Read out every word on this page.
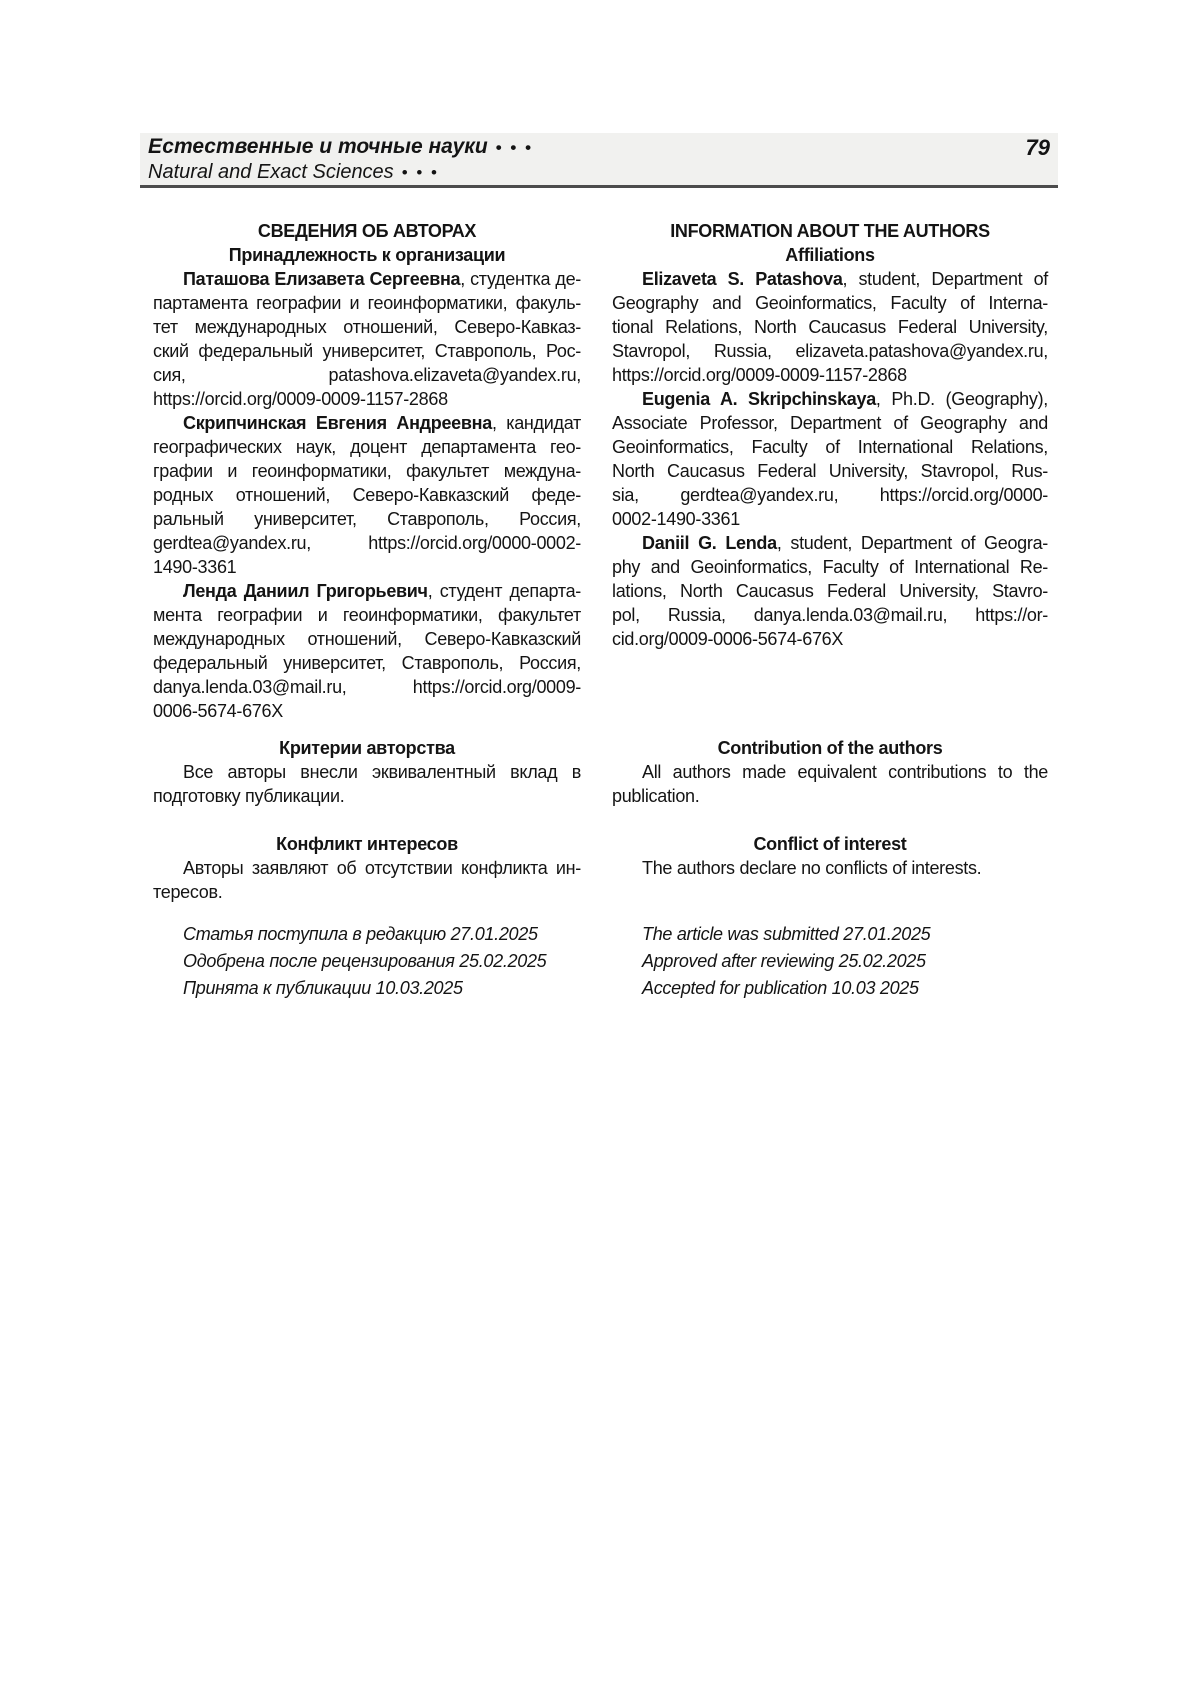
Естественные и точные науки • • •
Natural and Exact Sciences • • •
79
СВЕДЕНИЯ ОБ АВТОРАХ
Принадлежность к организации
Паташова Елизавета Сергеевна, студентка де-
партамента географии и геоинформатики, факуль-
тет международных отношений, Северо-Кавказ-
ский федеральный университет, Ставрополь, Рос-
сия, patashova.elizaveta@yandex.ru,
https://orcid.org/0009-0009-1157-2868
Скрипчинская Евгения Андреевна, кандидат
географических наук, доцент департамента гео-
графии и геоинформатики, факультет междуна-
родных отношений, Северо-Кавказский феде-
ральный университет, Ставрополь, Россия,
gerdtea@yandex.ru, https://orcid.org/0000-0002-
1490-3361
Ленда Даниил Григорьевич, студент департа-
мента географии и геоинформатики, факультет
международных отношений, Северо-Кавказский
федеральный университет, Ставрополь, Россия,
danya.lenda.03@mail.ru, https://orcid.org/0009-
0006-5674-676X
Критерии авторства
Все авторы внесли эквивалентный вклад в
подготовку публикации.
Конфликт интересов
Авторы заявляют об отсутствии конфликта ин-
тересов.
Статья поступила в редакцию 27.01.2025
Одобрена после рецензирования 25.02.2025
Принята к публикации 10.03.2025
INFORMATION ABOUT THE AUTHORS
Affiliations
Elizaveta S. Patashova, student, Department of
Geography and Geoinformatics, Faculty of Interna-
tional Relations, North Caucasus Federal University,
Stavropol, Russia, elizaveta.patashova@yandex.ru,
https://orcid.org/0009-0009-1157-2868
Eugenia A. Skripchinskaya, Ph.D. (Geography),
Associate Professor, Department of Geography and
Geoinformatics, Faculty of International Relations,
North Caucasus Federal University, Stavropol, Rus-
sia, gerdtea@yandex.ru, https://orcid.org/0000-
0002-1490-3361
Daniil G. Lenda, student, Department of Geogra-
phy and Geoinformatics, Faculty of International Re-
lations, North Caucasus Federal University, Stavro-
pol, Russia, danya.lenda.03@mail.ru, https://or-
cid.org/0009-0006-5674-676X
Contribution of the authors
All authors made equivalent contributions to the
publication.
Conflict of interest
The authors declare no conflicts of interests.
The article was submitted 27.01.2025
Approved after reviewing 25.02.2025
Accepted for publication 10.03 2025
